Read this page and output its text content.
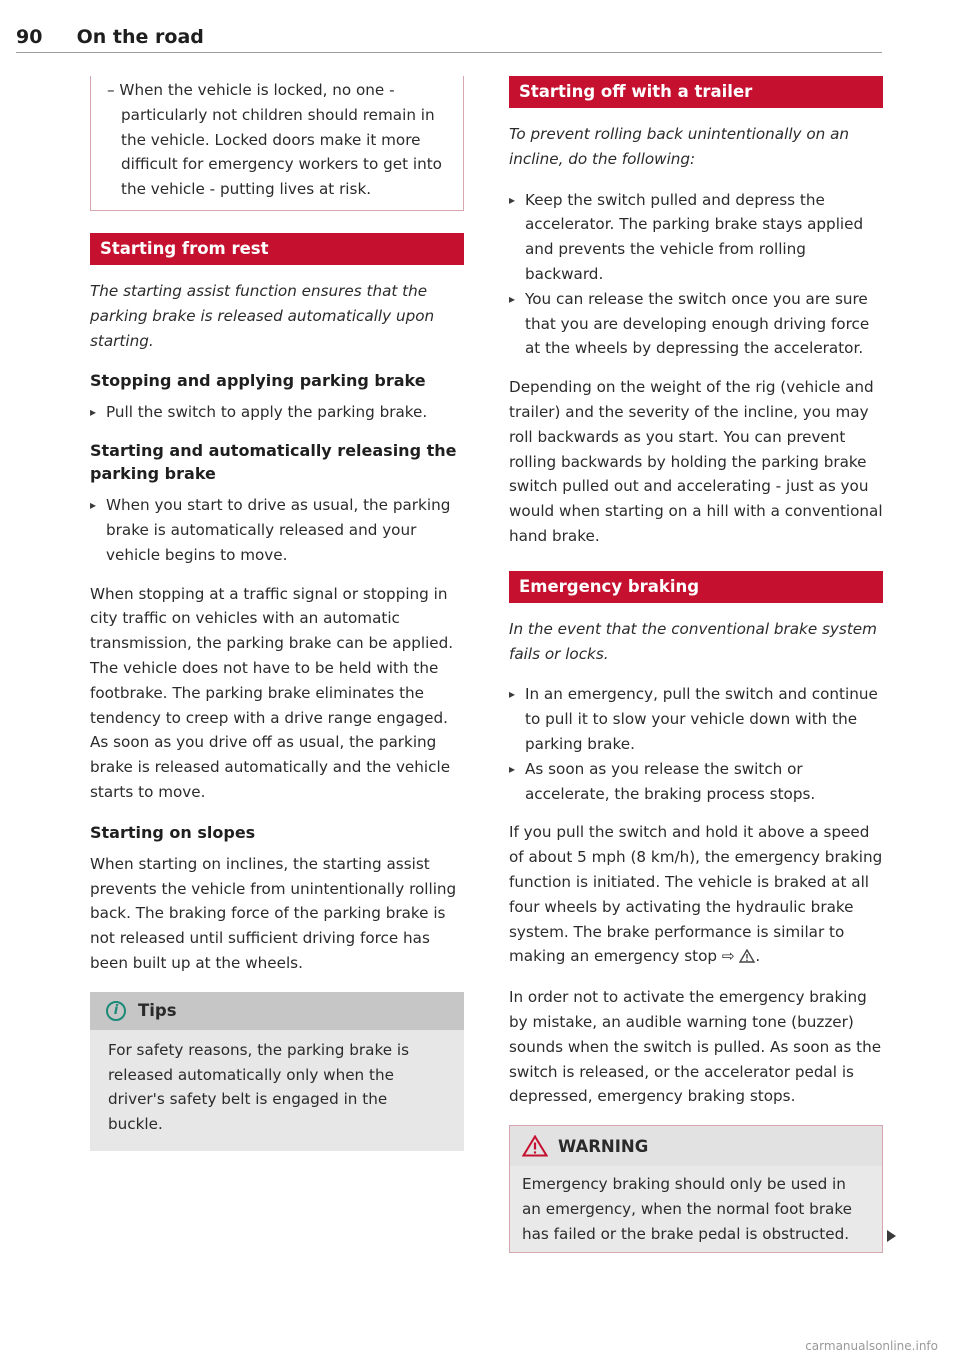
90 On the road

– When the vehicle is locked, no one - particularly not children should remain in the vehicle. Locked doors make it more difficult for emergency workers to get into the vehicle - putting lives at risk.

Starting from rest

The starting assist function ensures that the parking brake is released automatically upon starting.

Stopping and applying parking brake
▸ Pull the switch to apply the parking brake.
Starting and automatically releasing the parking brake
▸ When you start to drive as usual, the parking brake is automatically released and your vehicle begins to move.

When stopping at a traffic signal or stopping in city traffic on vehicles with an automatic transmission, the parking brake can be applied. The vehicle does not have to be held with the footbrake. The parking brake eliminates the tendency to creep with a drive range engaged. As soon as you drive off as usual, the parking brake is released automatically and the vehicle starts to move.

Starting on slopes

When starting on inclines, the starting assist prevents the vehicle from unintentionally rolling back. The braking force of the parking brake is not released until sufficient driving force has been built up at the wheels.

i	Tips

For safety reasons, the parking brake is released automatically only when the driver's safety belt is engaged in the buckle.

Starting off with a trailer

To prevent rolling back unintentionally on an incline, do the following:

▸ Keep the switch pulled and depress the accelerator. The parking brake stays applied and prevents the vehicle from rolling backward.
▸ You can release the switch once you are sure that you are developing enough driving force at the wheels by depressing the accelerator.

Depending on the weight of the rig (vehicle and trailer) and the severity of the incline, you may roll backwards as you start. You can prevent rolling backwards by holding the parking brake switch pulled out and accelerating - just as you would when starting on a hill with a conventional hand brake.

Emergency braking

In the event that the conventional brake system fails or locks.

▸ In an emergency, pull the switch and continue to pull it to slow your vehicle down with the parking brake.
▸ As soon as you release the switch or accelerate, the braking process stops.

If you pull the switch and hold it above a speed of about 5 mph (8 km/h), the emergency braking function is initiated. The vehicle is braked at all four wheels by activating the hydraulic brake system. The brake performance is similar to making an emergency stop ⇨ .

In order not to activate the emergency braking by mistake, an audible warning tone (buzzer) sounds when the switch is pulled. As soon as the switch is released, or the accelerator pedal is depressed, emergency braking stops.

WARNING

Emergency braking should only be used in an emergency, when the normal foot brake has failed or the brake pedal is obstructed.

carmanualsonline.info
